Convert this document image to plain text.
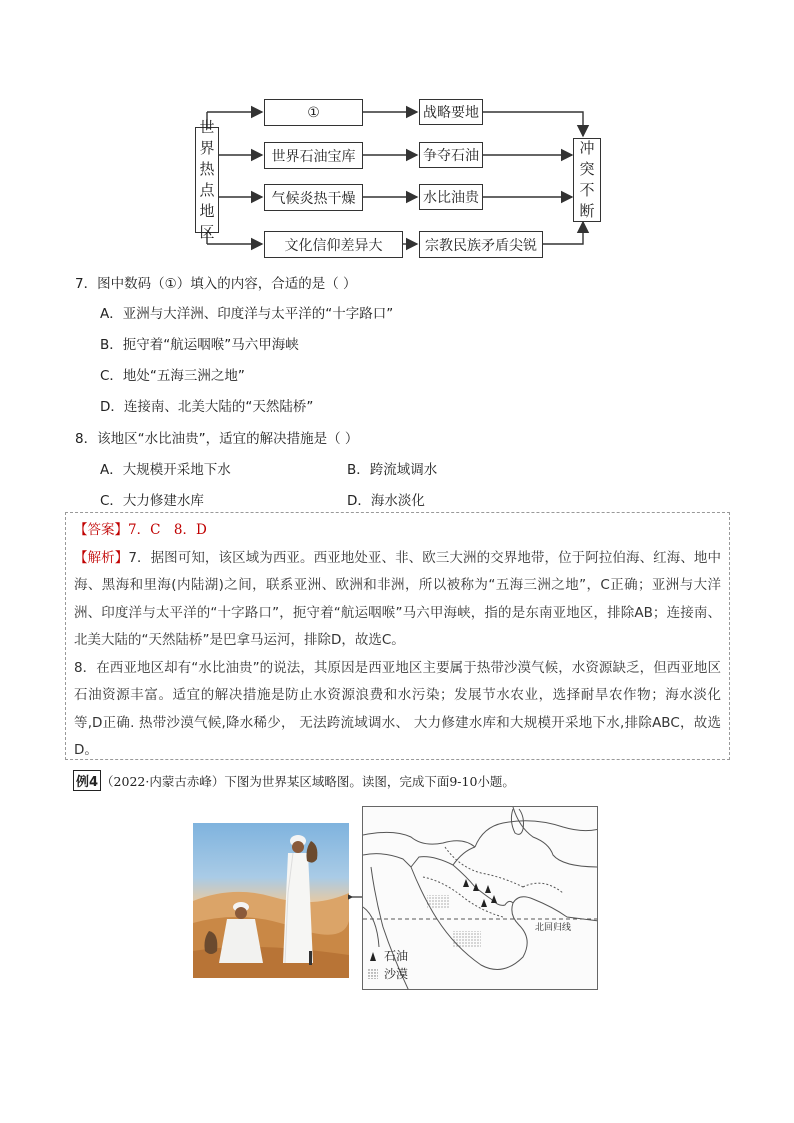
世
界
热
点
地
区
①	战略要地
世界石油宝库	争夺石油
气候炎热干燥	水比油贵
文化信仰差异大	宗教民族矛盾尖锐
冲
突
不
断
7．图中数码（①）填入的内容，合适的是（ ）
A．亚洲与大洋洲、印度洋与太平洋的“十字路口”
B．扼守着“航运咽喉”马六甲海峡
C．地处“五海三洲之地”
D．连接南、北美大陆的“天然陆桥”
8．该地区“水比油贵”，适宜的解决措施是（ ）
A．大规模开采地下水	B．跨流域调水
C．大力修建水库	D．海水淡化

【答案】7．C　8．D

【解析】7．据图可知，该区域为西亚。西亚地处亚、非、欧三大洲的交界地带，位于阿拉伯海、红海、地中海、黑海和里海(内陆湖)之间，联系亚洲、欧洲和非洲，所以被称为“五海三洲之地”，C正确；亚洲与大洋洲、印度洋与太平洋的“十字路口”，扼守着“航运咽喉”马六甲海峡，指的是东南亚地区，排除AB；连接南、北美大陆的“天然陆桥”是巴拿马运河，排除D，故选C。

8．在西亚地区却有“水比油贵”的说法，其原因是西亚地区主要属于热带沙漠气候，水资源缺乏，但西亚地区石油资源丰富。适宜的解决措施是防止水资源浪费和水污染；发展节水农业，选择耐旱农作物；海水淡化等,D正确. 热带沙漠气候,降水稀少， 无法跨流域调水、 大力修建水库和大规模开采地下水,排除ABC，故选D。

例4 （2022·内蒙古赤峰）下图为世界某区域略图。读图，完成下面9-10小题。
北回归线
石油
沙漠
